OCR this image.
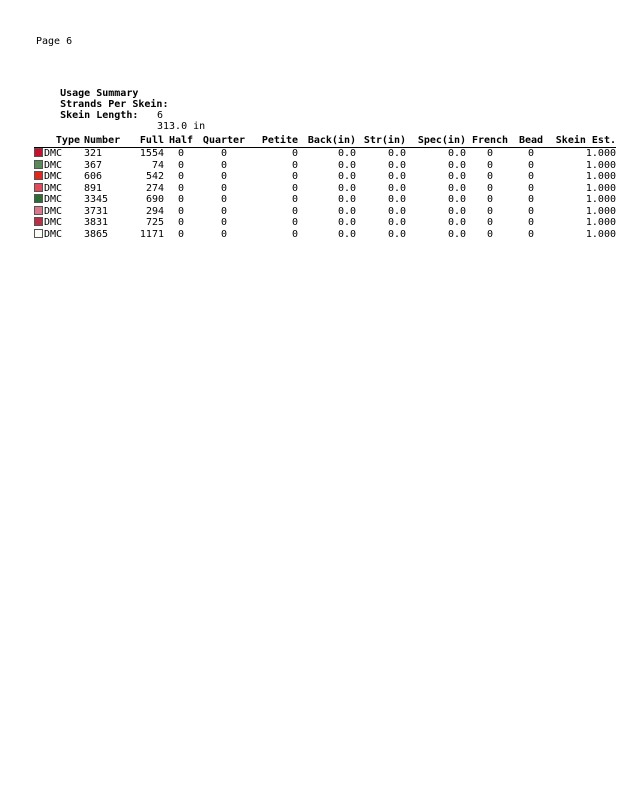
Page 6

Usage Summary

Strands Per Skein:

6

Skein Length:

313.0 in

Type	Number	Full	Half	Quarter	Petite	Back(in)	Str(in)	Spec(in)	French	Bead	Skein Est.
DMC	321	1554	0	0	0	0.0	0.0	0.0	0	0	1.000
DMC	367	74	0	0	0	0.0	0.0	0.0	0	0	1.000
DMC	606	542	0	0	0	0.0	0.0	0.0	0	0	1.000
DMC	891	274	0	0	0	0.0	0.0	0.0	0	0	1.000
DMC	3345	690	0	0	0	0.0	0.0	0.0	0	0	1.000
DMC	3731	294	0	0	0	0.0	0.0	0.0	0	0	1.000
DMC	3831	725	0	0	0	0.0	0.0	0.0	0	0	1.000
DMC	3865	1171	0	0	0	0.0	0.0	0.0	0	0	1.000
